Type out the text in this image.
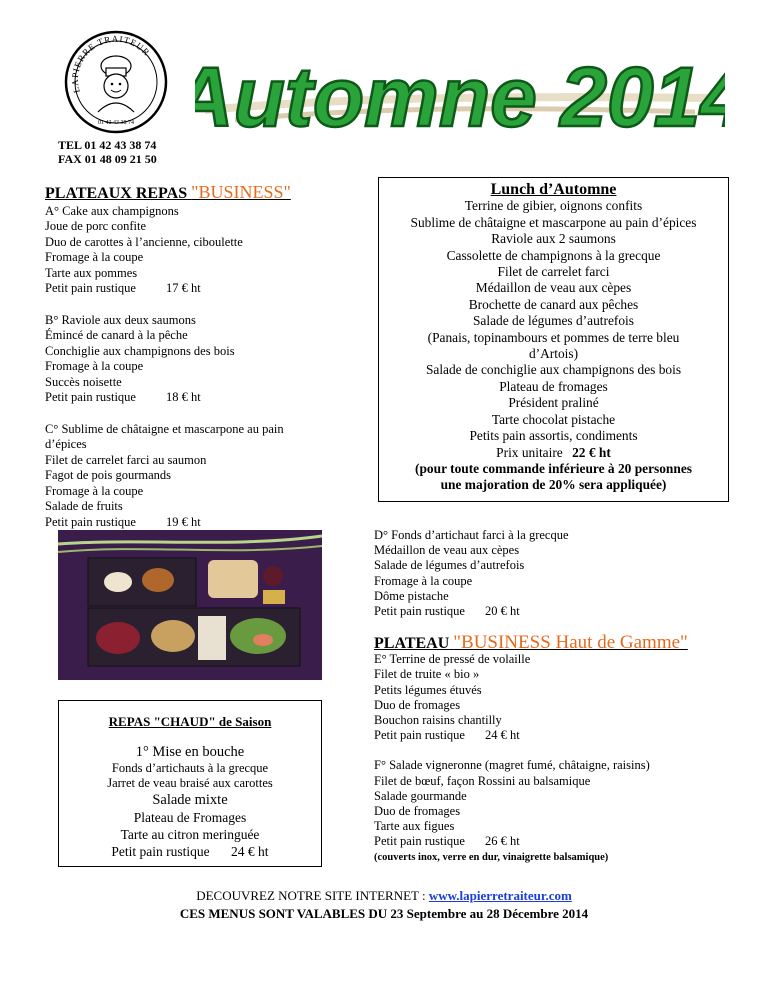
LAPIERRE TRAITEUR
01 42 43 38 74 Automne 2014
TEL 01 42 43 38 74
FAX 01 48 09 21 50
PLATEAUX REPAS "BUSINESS"
A° Cake aux champignons
Joue de porc confite
Duo de carottes à l’ancienne, ciboulette
Fromage à la coupe
Tarte aux pommes
Petit pain rustique 17 € ht
B° Raviole aux deux saumons
Émincé de canard à la pêche
Conchiglie aux champignons des bois
Fromage à la coupe
Succès noisette
Petit pain rustique 18 € ht
C° Sublime de châtaigne et mascarpone au pain
d’épices
Filet de carrelet farci au saumon
Fagot de pois gourmands
Fromage à la coupe
Salade de fruits
Petit pain rustique 19 € ht
Lunch d’Automne
Terrine de gibier, oignons confits
Sublime de châtaigne et mascarpone au pain d’épices
Raviole aux 2 saumons
Cassolette de champignons à la grecque
Filet de carrelet farci
Médaillon de veau aux cèpes
Brochette de canard aux pêches
Salade de légumes d’autrefois
(Panais, topinambours et pommes de terre bleu
d’Artois)
Salade de conchiglie aux champignons des bois
Plateau de fromages
Président praliné
Tarte chocolat pistache
Petits pain assortis, condiments
Prix unitaire 22 € ht
(pour toute commande inférieure à 20 personnes
une majoration de 20% sera appliquée)
REPAS "CHAUD" de Saison
1° Mise en bouche
Fonds d’artichauts à la grecque
Jarret de veau braisé aux carottes
Salade mixte
Plateau de Fromages
Tarte au citron meringuée
Petit pain rustique 24 € ht
D° Fonds d’artichaut farci à la grecque
Médaillon de veau aux cèpes
Salade de légumes d’autrefois
Fromage à la coupe
Dôme pistache
Petit pain rustique 20 € ht
PLATEAU "BUSINESS Haut de Gamme"
E° Terrine de pressé de volaille
Filet de truite « bio »
Petits légumes étuvés
Duo de fromages
Bouchon raisins chantilly
Petit pain rustique 24 € ht
F° Salade vigneronne (magret fumé, châtaigne, raisins)
Filet de bœuf, façon Rossini au balsamique
Salade gourmande
Duo de fromages
Tarte aux figues
Petit pain rustique 26 € ht
(couverts inox, verre en dur, vinaigrette balsamique)
DECOUVREZ NOTRE SITE INTERNET : www.lapierretraiteur.com
CES MENUS SONT VALABLES DU 23 Septembre au 28 Décembre 2014
